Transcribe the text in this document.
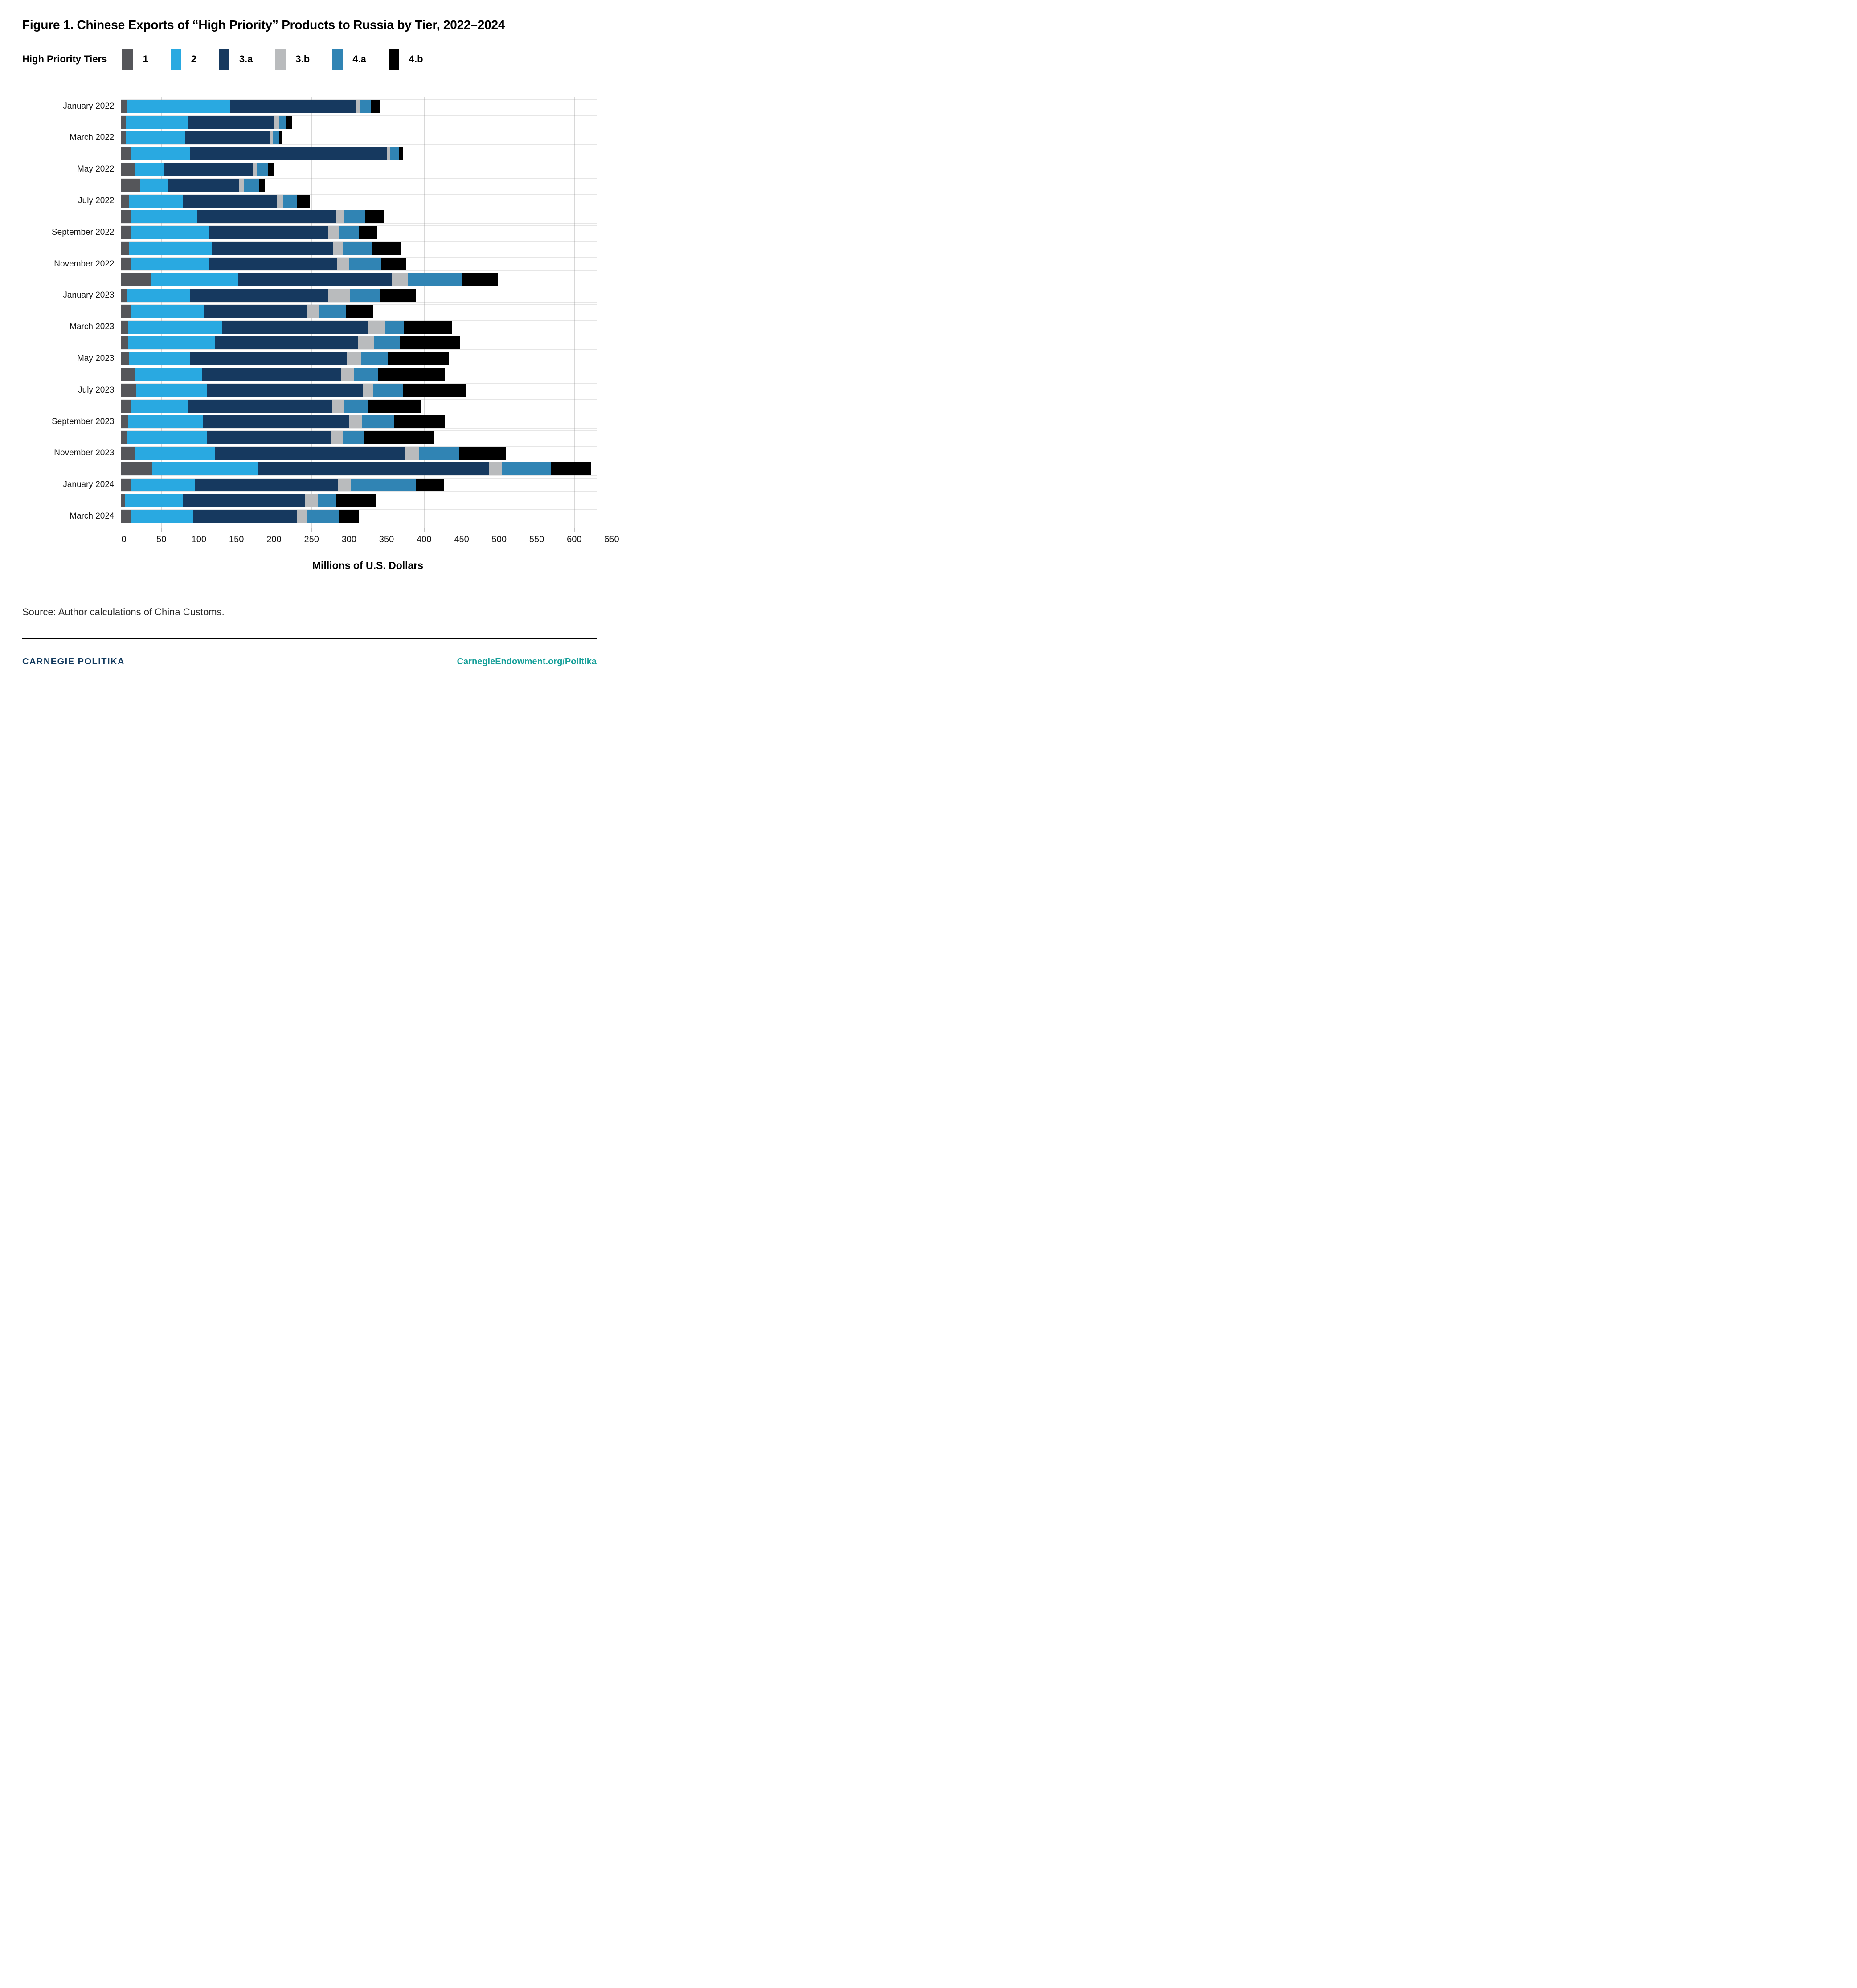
Figure 1. Chinese Exports of “High Priority” Products to Russia by Tier, 2022–2024
High Priority Tiers	1	2	3.a	3.b	4.a	4.b
January 2022
March 2022
May 2022
July 2022
September 2022
November 2022
January 2023
March 2023
May 2023
July 2023
September 2023
November 2023
January 2024
March 2024
0	50	100	150	200	250	300	350	400	450	500	550	600	650
Millions of U.S. Dollars
Source: Author calculations of China Customs.
CARNEGIE POLITIKA	CarnegieEndowment.org/Politika
